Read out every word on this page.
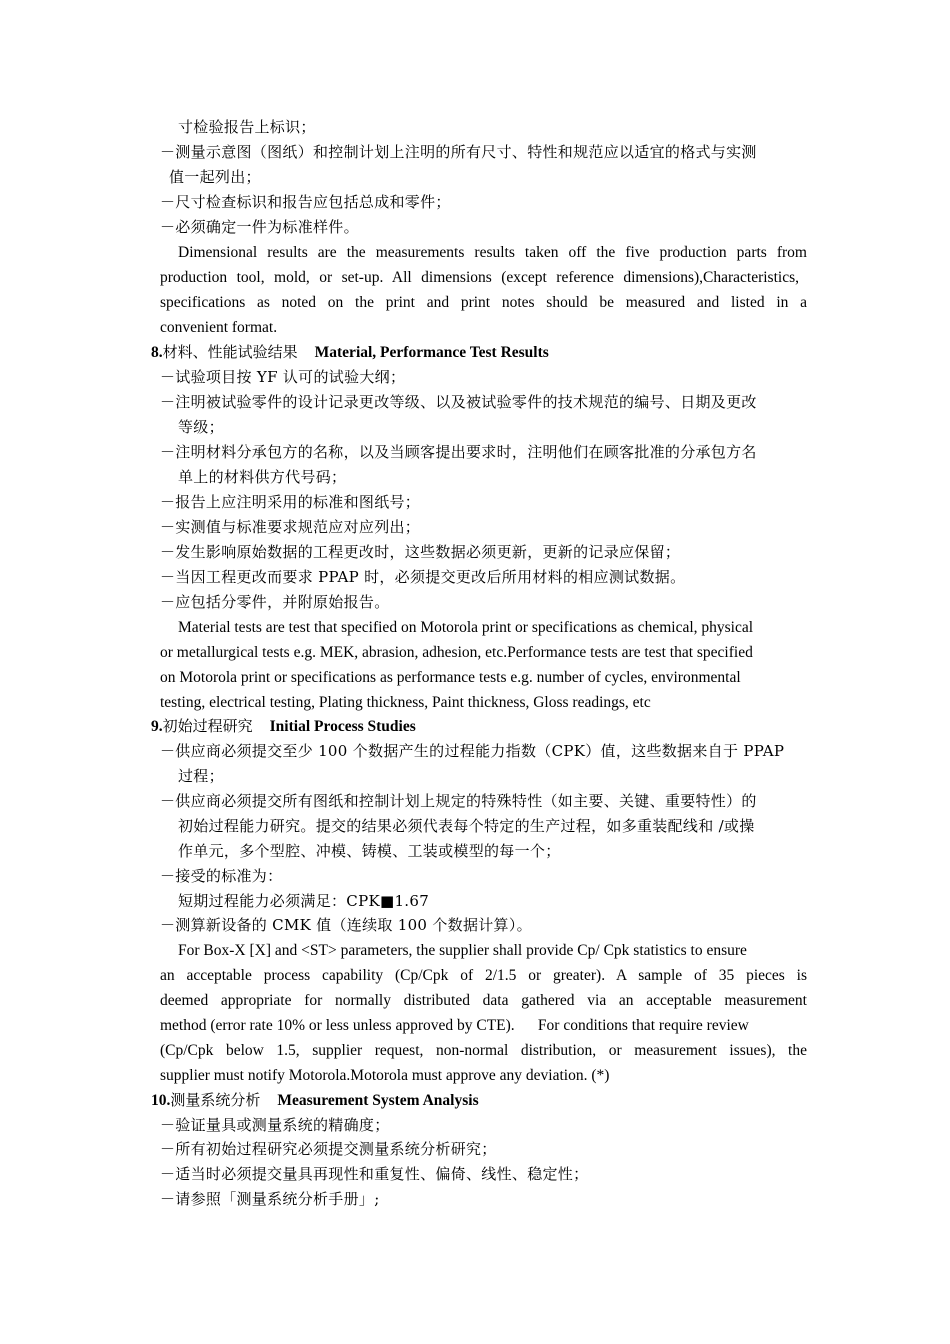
寸检验报告上标识；
－测量示意图（图纸）和控制计划上注明的所有尺寸、特性和规范应以适宜的格式与实测
值一起列出；
－尺寸检查标识和报告应包括总成和零件；
－必须确定一件为标准样件。
Dimensional results are the measurements results taken off the five production parts from
production tool, mold, or set-up. All dimensions (except reference dimensions),Characteristics,
specifications as noted on the print and print notes should be measured and listed in a
convenient format.
8.材料、性能试验结果 Material, Performance Test Results
－试验项目按 YF 认可的试验大纲；
－注明被试验零件的设计记录更改等级、以及被试验零件的技术规范的编号、日期及更改
等级；
－注明材料分承包方的名称，以及当顾客提出要求时，注明他们在顾客批准的分承包方名
单上的材料供方代号码；
－报告上应注明采用的标准和图纸号；
－实测值与标准要求规范应对应列出；
－发生影响原始数据的工程更改时，这些数据必须更新，更新的记录应保留；
－当因工程更改而要求 PPAP 时，必须提交更改后所用材料的相应测试数据。
－应包括分零件，并附原始报告。
Material tests are test that specified on Motorola print or specifications as chemical, physical
or metallurgical tests e.g. MEK, abrasion, adhesion, etc.Performance tests are test that specified
on Motorola print or specifications as performance tests e.g. number of cycles, environmental
testing, electrical testing, Plating thickness, Paint thickness, Gloss readings, etc
9.初始过程研究 Initial Process Studies
－供应商必须提交至少 100 个数据产生的过程能力指数（CPK）值，这些数据来自于 PPAP
过程；
－供应商必须提交所有图纸和控制计划上规定的特殊特性（如主要、关键、重要特性）的
初始过程能力研究。提交的结果必须代表每个特定的生产过程，如多重装配线和 /或操
作单元，多个型腔、冲模、铸模、工装或模型的每一个；
－接受的标准为：
短期过程能力必须满足：CPK■1.67
－测算新设备的 CMK 值（连续取 100 个数据计算）。
For Box-X [X] and <ST> parameters, the supplier shall provide Cp/ Cpk statistics to ensure
an acceptable process capability (Cp/Cpk of 2/1.5 or greater). A sample of 35 pieces is
deemed appropriate for normally distributed data gathered via an acceptable measurement
method (error rate 10% or less unless approved by CTE).      For conditions that require review
(Cp/Cpk below 1.5, supplier request, non-normal distribution, or measurement issues), the
supplier must notify Motorola.Motorola must approve any deviation. (*)
10.测量系统分析 Measurement System Analysis
－验证量具或测量系统的精确度；
－所有初始过程研究必须提交测量系统分析研究；
－适当时必须提交量具再现性和重复性、偏倚、线性、稳定性；
－请参照「测量系统分析手册」;
